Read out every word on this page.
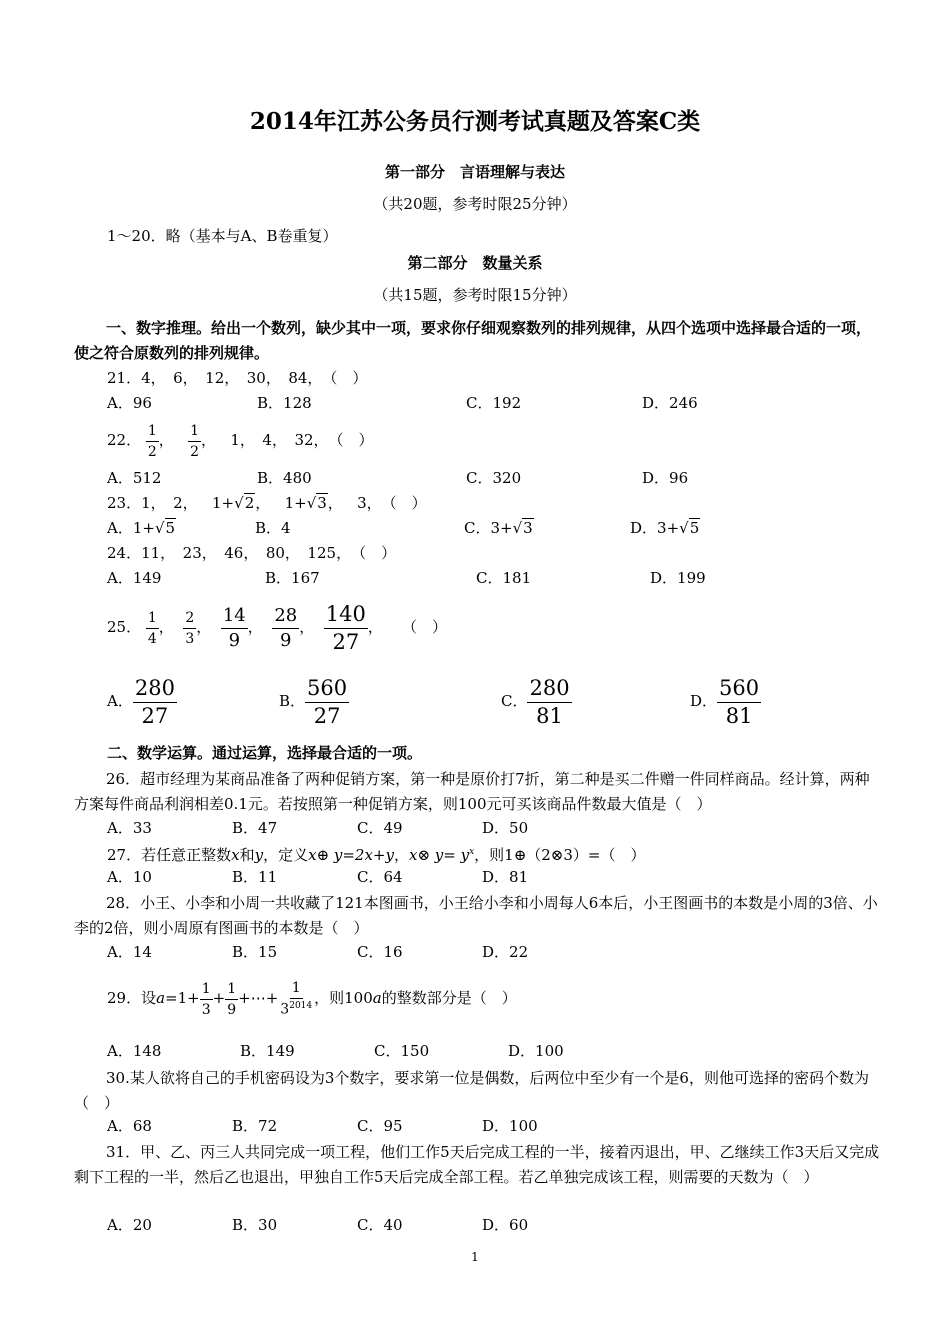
2014年江苏公务员行测考试真题及答案C类
第一部分　言语理解与表达
（共20题，参考时限25分钟）
1～20．略（基本与A、B卷重复）
第二部分　数量关系
（共15题，参考时限15分钟）
一、数字推理。给出一个数列，缺少其中一项，要求你仔细观察数列的排列规律，从四个选项中选择最合适的一项，使之符合原数列的排列规律。
21．4，　6，　12，　30，　84，　（　）
A．96	B．128	C．192	D．246
22． $\frac{1}{2}$ ， $\frac{1}{2}$ ， 1，　4，　32，　（　）
A．512	B．480	C．320	D．96
23．1，　2， 1+√2， 1+√3， 3，　（　）
A．1+√5	B．4	C．3+√3	D．3+√5
24．11，　23，　46，　80，　125，　（　）
A．149	B．167	C．181	D．199
25． $\frac{1}{4}$ ， $\frac{2}{3}$ ， $\frac{14}{9}$ ， $\frac{28}{9}$ ， $\frac{140}{27}$ ， （　）
A． $\frac{280}{27}$	B． $\frac{560}{27}$	C． $\frac{280}{81}$	D． $\frac{560}{81}$
二、数学运算。通过运算，选择最合适的一项。
26．超市经理为某商品准备了两种促销方案，第一种是原价打7折，第二种是买二件赠一件同样商品。经计算，两种方案每件商品利润相差0.1元。若按照第一种促销方案，则100元可买该商品件数最大值是（　）
A．33	B．47	C．49	D．50
27．若任意正整数x和y，定义x⊕ y=2x+y，x⊗ $y= y^x$，则1⊕（2⊗3）=（　）
A．10	B．11	C．64	D．81
28．小王、小李和小周一共收藏了121本图画书，小王给小李和小周每人6本后，小王图画书的本数是小周的3倍、小李的2倍，则小周原有图画书的本数是（　）
A．14	B．15	C．16	D．22
29．设$a=1+ \frac{1}{3} + \frac{1}{9}$ +⋯+ $\frac{1}{3^{2014}}$ ，则100a的整数部分是（　）
A．148	B．149	C．150	D．100
30.某人欲将自己的手机密码设为3个数字，要求第一位是偶数，后两位中至少有一个是6，则他可选择的密码个数为（　）
A．68	B．72	C．95	D．100
31．甲、乙、丙三人共同完成一项工程，他们工作5天后完成工程的一半，接着丙退出，甲、乙继续工作3天后又完成剩下工程的一半，然后乙也退出，甲独自工作5天后完成全部工程。若乙单独完成该工程，则需要的天数为（　）
A．20	B．30	C．40	D．60
1
